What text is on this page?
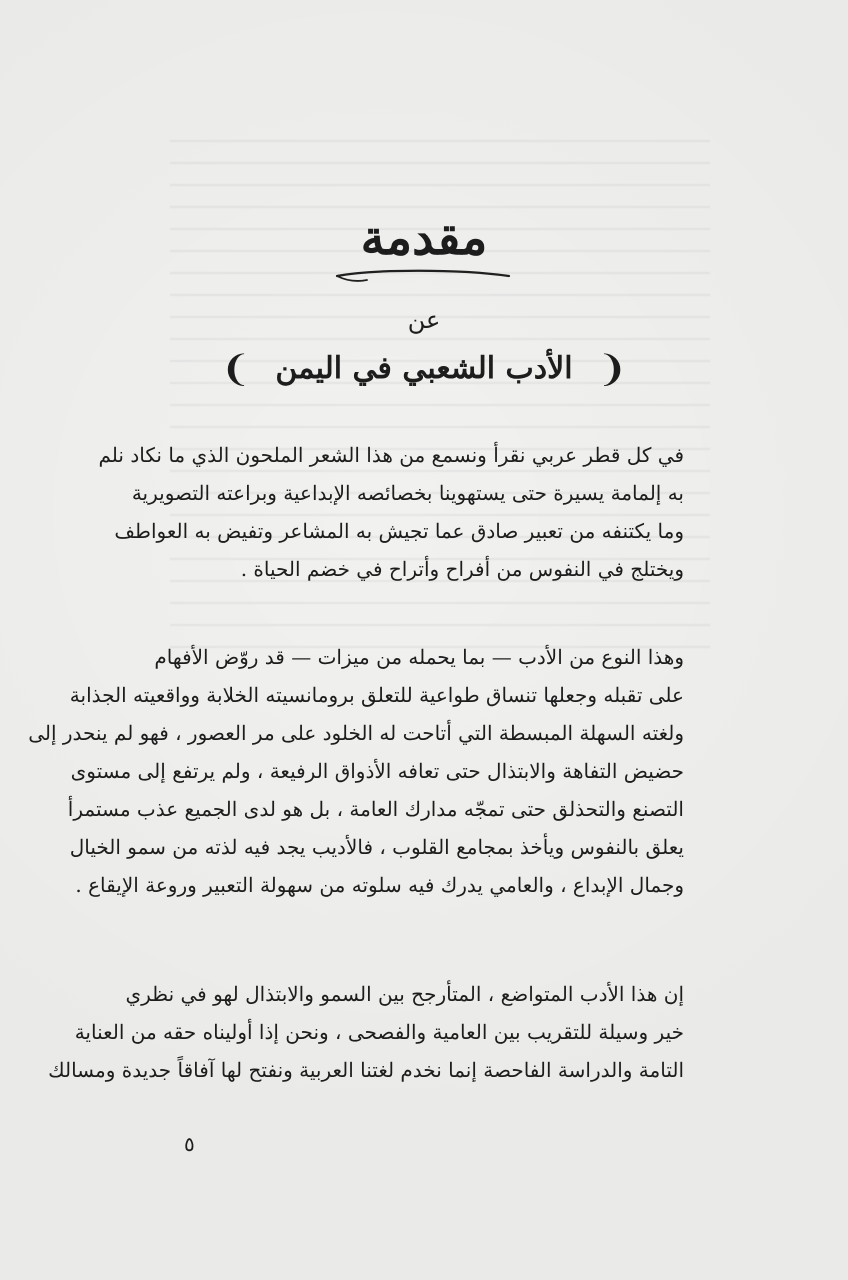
مقدمة
عن
❨ الأدب الشعبي في اليمن ❩
في كل قطر عربي نقرأ ونسمع من هذا الشعر الملحون الذي ما نكاد نلم
به إلمامة يسيرة حتى يستهوينا بخصائصه الإبداعية وبراعته التصويرية
وما يكتنفه من تعبير صادق عما تجيش به المشاعر وتفيض به العواطف
ويختلج في النفوس من أفراح وأتراح في خضم الحياة .
وهذا النوع من الأدب — بما يحمله من ميزات — قد روّض الأفهام
على تقبله وجعلها تنساق طواعية للتعلق برومانسيته الخلابة وواقعيته الجذابة
ولغته السهلة المبسطة التي أتاحت له الخلود على مر العصور ، فهو لم ينحدر إلى
حضيض التفاهة والابتذال حتى تعافه الأذواق الرفيعة ، ولم يرتفع إلى مستوى
التصنع والتحذلق حتى تمجّه مدارك العامة ، بل هو لدى الجميع عذب مستمرأ
يعلق بالنفوس ويأخذ بمجامع القلوب ، فالأديب يجد فيه لذته من سمو الخيال
وجمال الإبداع ، والعامي يدرك فيه سلوته من سهولة التعبير وروعة الإيقاع .
إن هذا الأدب المتواضع ، المتأرجح بين السمو والابتذال لهو في نظري
خير وسيلة للتقريب بين العامية والفصحى ، ونحن إذا أوليناه حقه من العناية
التامة والدراسة الفاحصة إنما نخدم لغتنا العربية ونفتح لها آفاقاً جديدة ومسالك
٥
